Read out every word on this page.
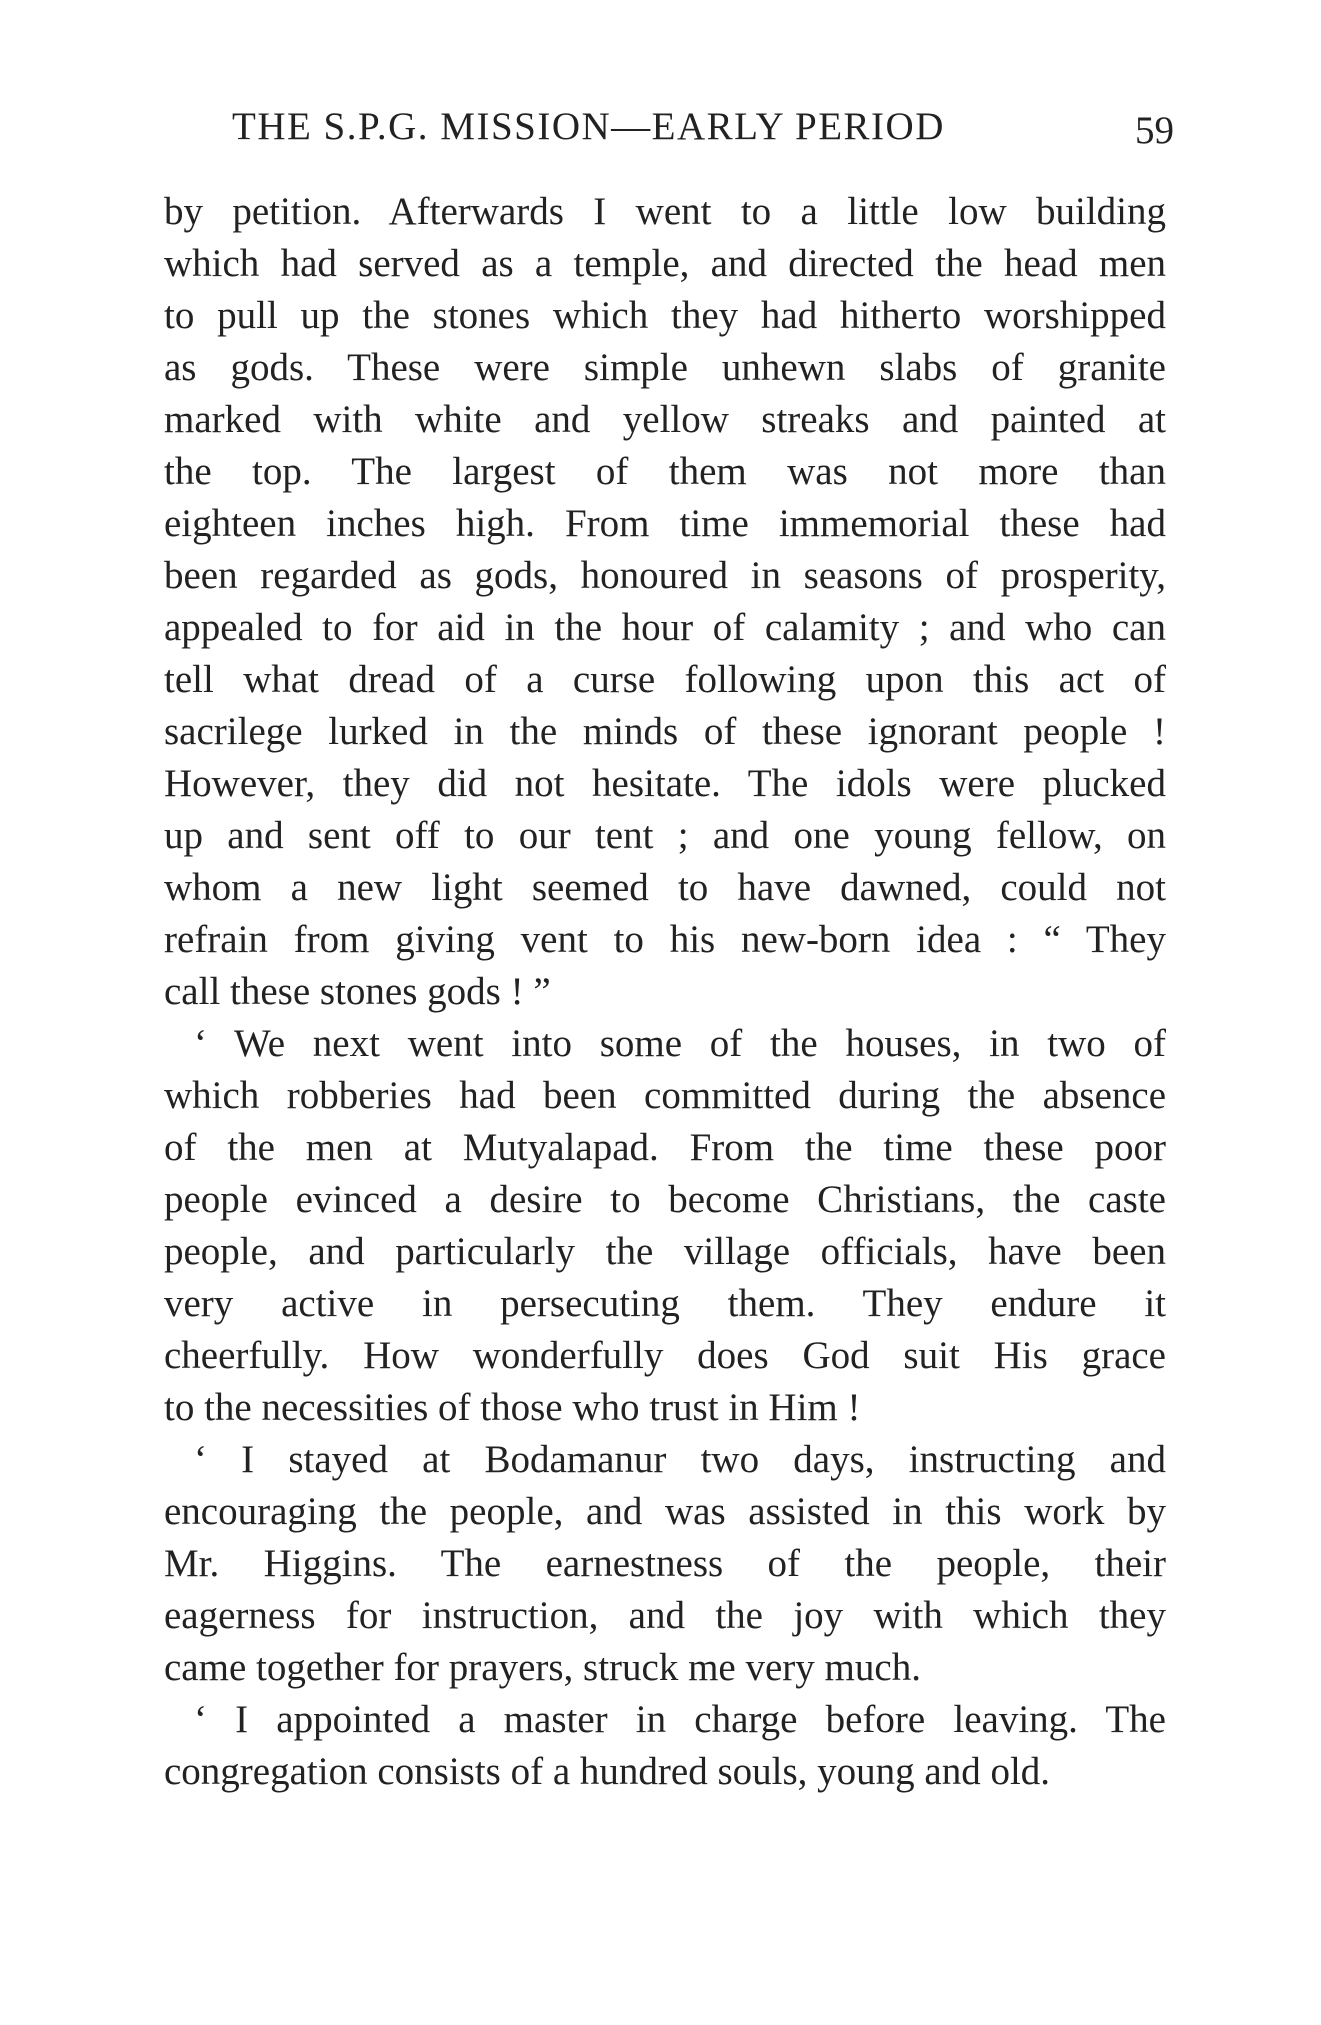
THE S.P.G. MISSION—EARLY PERIOD	59

by petition. Afterwards I went to a little low building
which had served as a temple, and directed the head men
to pull up the stones which they had hitherto worshipped
as gods. These were simple unhewn slabs of granite
marked with white and yellow streaks and painted at
the top. The largest of them was not more than
eighteen inches high. From time immemorial these had
been regarded as gods, honoured in seasons of prosperity,
appealed to for aid in the hour of calamity ; and who can
tell what dread of a curse following upon this act of
sacrilege lurked in the minds of these ignorant people !
However, they did not hesitate. The idols were plucked
up and sent off to our tent ; and one young fellow, on
whom a new light seemed to have dawned, could not
refrain from giving vent to his new-born idea : “ They
call these stones gods ! ”

‘ We next went into some of the houses, in two of
which robberies had been committed during the absence
of the men at Mutyalapad. From the time these poor
people evinced a desire to become Christians, the caste
people, and particularly the village officials, have been
very active in persecuting them. They endure it
cheerfully. How wonderfully does God suit His grace
to the necessities of those who trust in Him !

‘ I stayed at Bodamanur two days, instructing and
encouraging the people, and was assisted in this work by
Mr. Higgins. The earnestness of the people, their
eagerness for instruction, and the joy with which they
came together for prayers, struck me very much.

‘ I appointed a master in charge before leaving. The
congregation consists of a hundred souls, young and old.
